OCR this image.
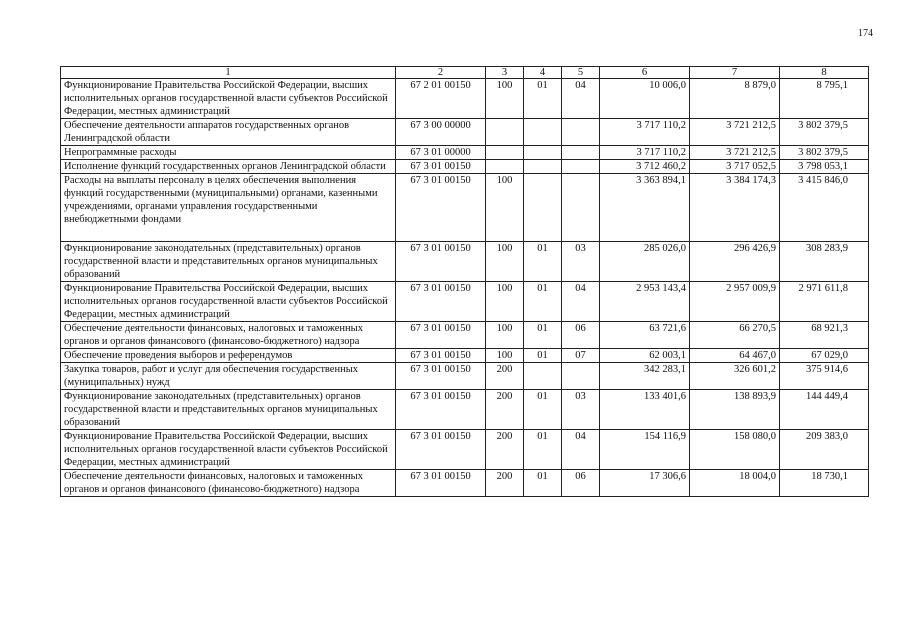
174
1	2	3	4	5	6	7	8
Функционирование Правительства Российской Федерации, высших исполнительных органов государственной власти субъектов Российской Федерации, местных администраций	67 2 01 00150	100	01	04	10 006,0	8 879,0	8 795,1
Обеспечение деятельности аппаратов государственных органов Ленинградской области	67 3 00 00000				3 717 110,2	3 721 212,5	3 802 379,5
Непрограммные расходы	67 3 01 00000				3 717 110,2	3 721 212,5	3 802 379,5
Исполнение функций государственных органов Ленинградской области	67 3 01 00150				3 712 460,2	3 717 052,5	3 798 053,1
Расходы на выплаты персоналу в целях обеспечения выполнения функций государственными (муниципальными) органами, казенными учреждениями, органами управления государственными внебюджетными фондами	67 3 01 00150	100			3 363 894,1	3 384 174,3	3 415 846,0
Функционирование законодательных (представительных) органов государственной власти и представительных органов муниципальных образований	67 3 01 00150	100	01	03	285 026,0	296 426,9	308 283,9
Функционирование Правительства Российской Федерации, высших исполнительных органов государственной власти субъектов Российской Федерации, местных администраций	67 3 01 00150	100	01	04	2 953 143,4	2 957 009,9	2 971 611,8
Обеспечение деятельности финансовых, налоговых и таможенных органов и органов финансового (финансово-бюджетного) надзора	67 3 01 00150	100	01	06	63 721,6	66 270,5	68 921,3
Обеспечение проведения выборов и референдумов	67 3 01 00150	100	01	07	62 003,1	64 467,0	67 029,0
Закупка товаров, работ и услуг для обеспечения государственных (муниципальных) нужд	67 3 01 00150	200			342 283,1	326 601,2	375 914,6
Функционирование законодательных (представительных) органов государственной власти и представительных органов муниципальных образований	67 3 01 00150	200	01	03	133 401,6	138 893,9	144 449,4
Функционирование Правительства Российской Федерации, высших исполнительных органов государственной власти субъектов Российской Федерации, местных администраций	67 3 01 00150	200	01	04	154 116,9	158 080,0	209 383,0
Обеспечение деятельности финансовых, налоговых и таможенных органов и органов финансового (финансово-бюджетного) надзора	67 3 01 00150	200	01	06	17 306,6	18 004,0	18 730,1
